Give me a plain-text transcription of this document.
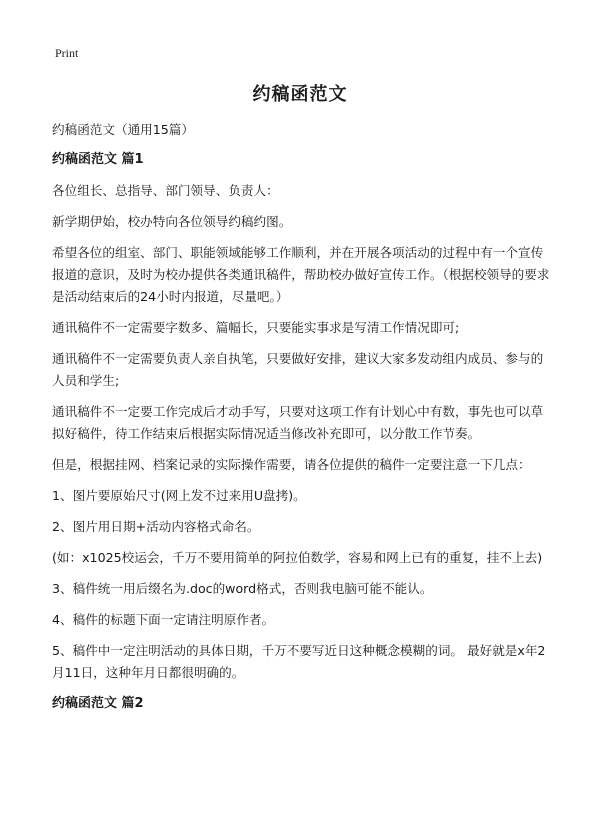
Print
约稿函范文

约稿函范文（通用15篇）

约稿函范文 篇1

各位组长、总指导、部门领导、负责人：

新学期伊始，校办特向各位领导约稿约图。

希望各位的组室、部门、职能领域能够工作顺利，并在开展各项活动的过程中有一个宣传报道的意识，及时为校办提供各类通讯稿件，帮助校办做好宣传工作。（根据校领导的要求是活动结束后的24小时内报道，尽量吧。）

通讯稿件不一定需要字数多、篇幅长，只要能实事求是写清工作情况即可;

通讯稿件不一定需要负责人亲自执笔，只要做好安排，建议大家多发动组内成员、参与的人员和学生;

通讯稿件不一定要工作完成后才动手写，只要对这项工作有计划心中有数，事先也可以草拟好稿件，待工作结束后根据实际情况适当修改补充即可，以分散工作节奏。

但是，根据挂网、档案记录的实际操作需要，请各位提供的稿件一定要注意一下几点：

1、图片要原始尺寸(网上发不过来用U盘拷)。

2、图片用日期+活动内容格式命名。

(如：x1025校运会，千万不要用简单的阿拉伯数学，容易和网上已有的重复，挂不上去)

3、稿件统一用后缀名为.doc的word格式，否则我电脑可能不能认。

4、稿件的标题下面一定请注明原作者。

5、稿件中一定注明活动的具体日期，千万不要写近日这种概念模糊的词。 最好就是x年2月11日，这种年月日都很明确的。

约稿函范文 篇2
